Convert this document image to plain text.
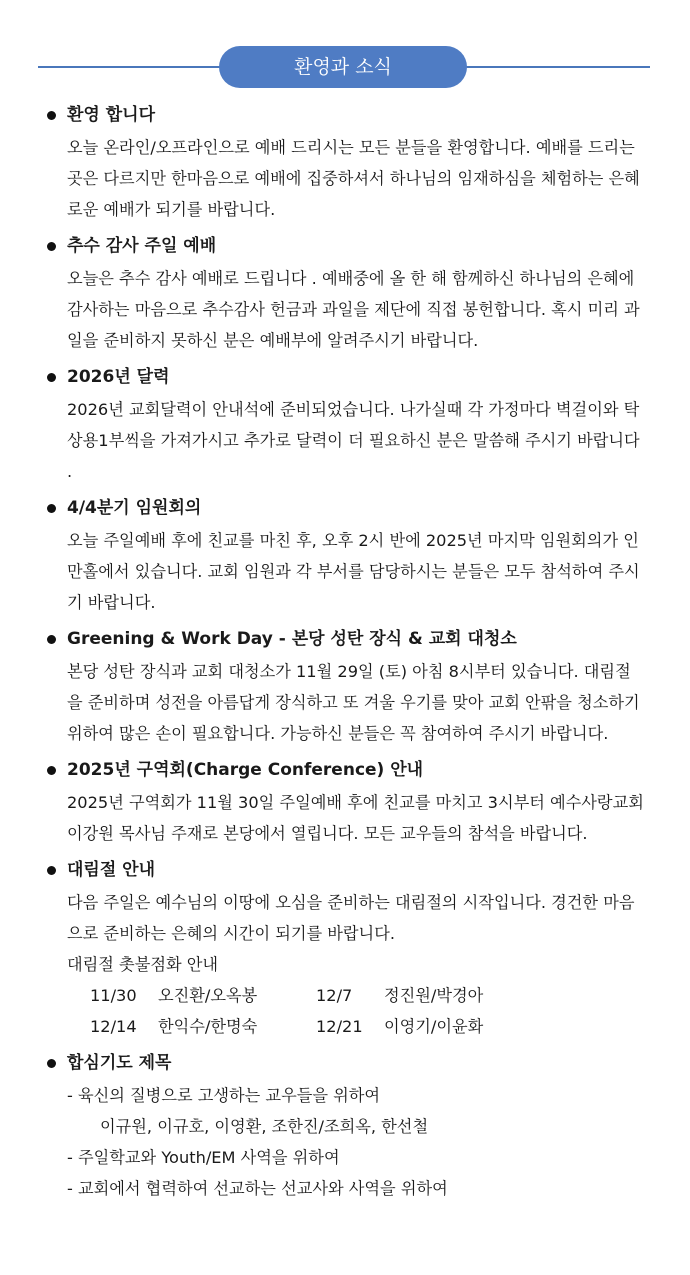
환영과 소식
환영 합니다

오늘 온라인/오프라인으로 예배 드리시는 모든 분들을 환영합니다. 예배를 드리는 곳은 다르지만 한마음으로 예배에 집중하셔서 하나님의 임재하심을 체험하는 은혜로운 예배가 되기를 바랍니다.

추수 감사 주일 예배

오늘은 추수 감사 예배로 드립니다 . 예배중에 올 한 해 함께하신 하나님의 은혜에 감사하는 마음으로 추수감사 헌금과 과일을 제단에 직접 봉헌합니다. 혹시 미리 과일을 준비하지 못하신 분은 예배부에 알려주시기 바랍니다.

2026년 달력

2026년 교회달력이 안내석에 준비되었습니다. 나가실때 각 가정마다 벽걸이와 탁상용1부씩을 가져가시고 추가로 달력이 더 필요하신 분은 말씀해 주시기 바랍니다 .

4/4분기 임원회의

오늘 주일예배 후에 친교를 마친 후, 오후 2시 반에 2025년 마지막 임원회의가 인만홀에서 있습니다. 교회 임원과 각 부서를 담당하시는 분들은 모두 참석하여 주시기 바랍니다.

Greening & Work Day - 본당 성탄 장식 & 교회 대청소

본당 성탄 장식과 교회 대청소가 11월 29일 (토) 아침 8시부터 있습니다. 대림절을 준비하며 성전을 아름답게 장식하고 또 겨울 우기를 맞아 교회 안팎을 청소하기 위하여 많은 손이 필요합니다. 가능하신 분들은 꼭 참여하여 주시기 바랍니다.

2025년 구역회(Charge Conference) 안내

2025년 구역회가 11월 30일 주일예배 후에 친교를 마치고 3시부터 예수사랑교회 이강원 목사님 주재로 본당에서 열립니다. 모든 교우들의 참석을 바랍니다.

대림절 안내

다음 주일은 예수님의 이땅에 오심을 준비하는 대림절의 시작입니다. 경건한 마음으로 준비하는 은혜의 시간이 되기를 바랍니다.

대림절 촛불점화 안내
11/30 오진환/오옥봉	12/7 정진원/박경아
12/14 한익수/한명숙	12/21 이영기/이윤화
합심기도 제목
- 육신의 질병으로 고생하는 교우들을 위하여
이규원, 이규호, 이영환, 조한진/조희옥, 한선철
- 주일학교와 Youth/EM 사역을 위하여
- 교회에서 협력하여 선교하는 선교사와 사역을 위하여
